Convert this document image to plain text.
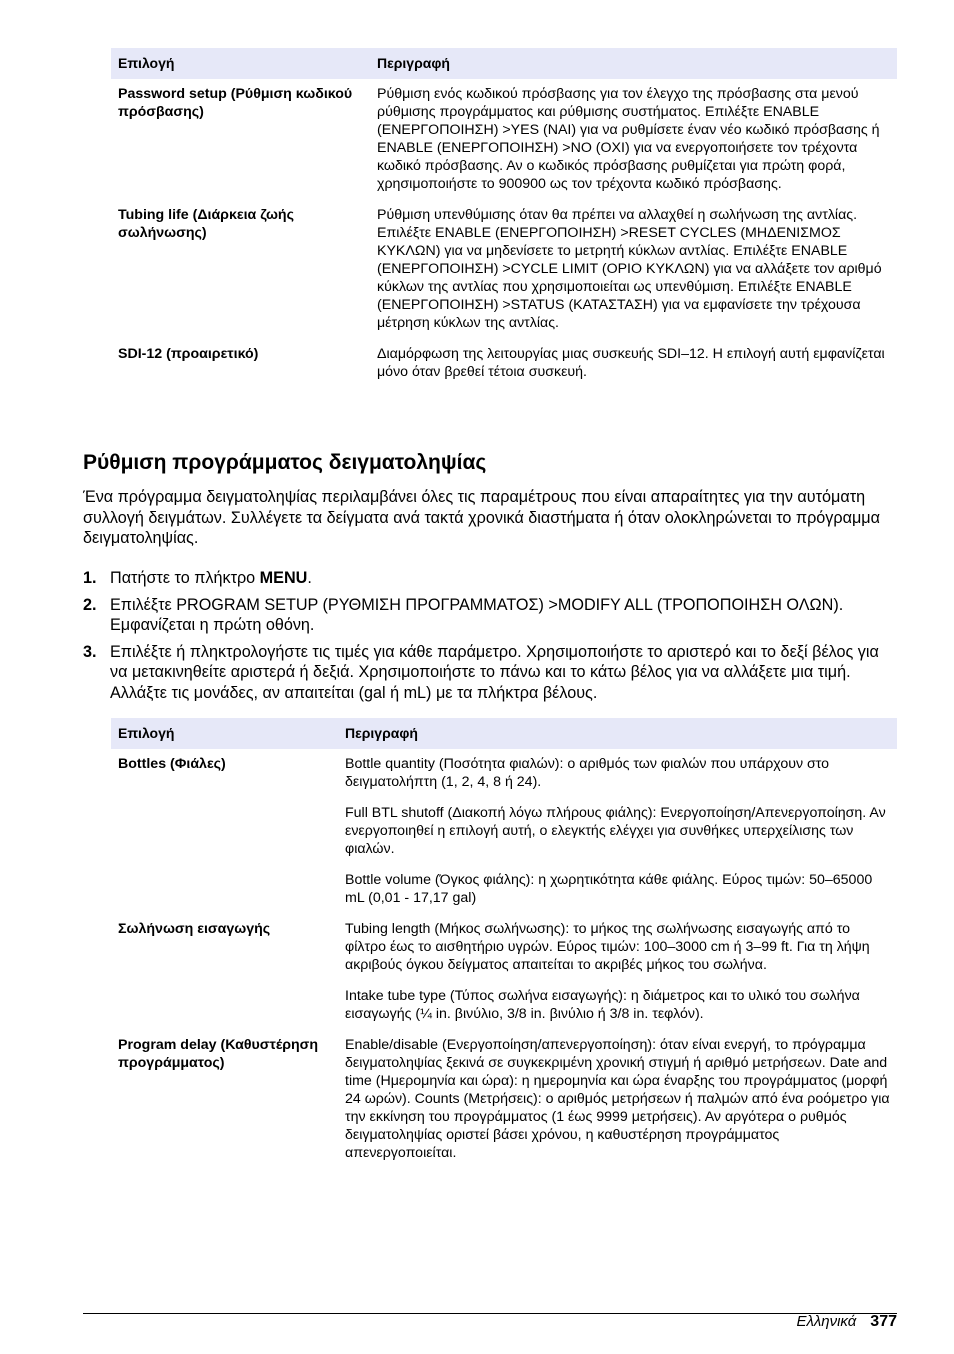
Επιλογή	Περιγραφή
Password setup (Ρύθμιση κωδικού πρόσβασης)	Ρύθμιση ενός κωδικού πρόσβασης για τον έλεγχο της πρόσβασης στα μενού ρύθμισης προγράμματος και ρύθμισης συστήματος. Επιλέξτε ENABLE (ΕΝΕΡΓΟΠΟΙΗΣΗ) >YES (ΝΑΙ) για να ρυθμίσετε έναν νέο κωδικό πρόσβασης ή ENABLE (ΕΝΕΡΓΟΠΟΙΗΣΗ) >NO (ΟΧΙ) για να ενεργοποιήσετε τον τρέχοντα κωδικό πρόσβασης. Αν ο κωδικός πρόσβασης ρυθμίζεται για πρώτη φορά, χρησιμοποιήστε το 900900 ως τον τρέχοντα κωδικό πρόσβασης.

Tubing life (Διάρκεια ζωής σωλήνωσης)	Ρύθμιση υπενθύμισης όταν θα πρέπει να αλλαχθεί η σωλήνωση της αντλίας. Επιλέξτε ENABLE (ΕΝΕΡΓΟΠΟΙΗΣΗ) >RESET CYCLES (ΜΗΔΕΝΙΣΜΟΣ ΚΥΚΛΩΝ) για να μηδενίσετε το μετρητή κύκλων αντλίας. Επιλέξτε ENABLE (ΕΝΕΡΓΟΠΟΙΗΣΗ) >CYCLE LIMIT (ΟΡΙΟ ΚΥΚΛΩΝ) για να αλλάξετε τον αριθμό κύκλων της αντλίας που χρησιμοποιείται ως υπενθύμιση. Επιλέξτε ENABLE (ΕΝΕΡΓΟΠΟΙΗΣΗ) >STATUS (ΚΑΤΑΣΤΑΣΗ) για να εμφανίσετε την τρέχουσα μέτρηση κύκλων της αντλίας.

SDI-12 (προαιρετικό)	Διαμόρφωση της λειτουργίας μιας συσκευής SDI–12. Η επιλογή αυτή εμφανίζεται μόνο όταν βρεθεί τέτοια συσκευή.

Ρύθμιση προγράμματος δειγματοληψίας

Ένα πρόγραμμα δειγματοληψίας περιλαμβάνει όλες τις παραμέτρους που είναι απαραίτητες για την αυτόματη συλλογή δειγμάτων. Συλλέγετε τα δείγματα ανά τακτά χρονικά διαστήματα ή όταν ολοκληρώνεται το πρόγραμμα δειγματοληψίας.

1. Πατήστε το πλήκτρο MENU.
2. Επιλέξτε PROGRAM SETUP (ΡΥΘΜΙΣΗ ΠΡΟΓΡΑΜΜΑΤΟΣ) >MODIFY ALL (ΤΡΟΠΟΠΟΙΗΣΗ ΟΛΩΝ). Εμφανίζεται η πρώτη οθόνη.
3. Επιλέξτε ή πληκτρολογήστε τις τιμές για κάθε παράμετρο. Χρησιμοποιήστε το αριστερό και το δεξί βέλος για να μετακινηθείτε αριστερά ή δεξιά. Χρησιμοποιήστε το πάνω και το κάτω βέλος για να αλλάξετε μια τιμή. Αλλάξτε τις μονάδες, αν απαιτείται (gal ή mL) με τα πλήκτρα βέλους.
Επιλογή	Περιγραφή
Bottles (Φιάλες)	Bottle quantity (Ποσότητα φιαλών): ο αριθμός των φιαλών που υπάρχουν στο δειγματολήπτη (1, 2, 4, 8 ή 24).

Full BTL shutoff (Διακοπή λόγω πλήρους φιάλης): Ενεργοποίηση/Απενεργοποίηση. Αν ενεργοποιηθεί η επιλογή αυτή, ο ελεγκτής ελέγχει για συνθήκες υπερχείλισης των φιαλών.

Bottle volume (Όγκος φιάλης): η χωρητικότητα κάθε φιάλης. Εύρος τιμών: 50–65000 mL (0,01 - 17,17 gal)

Σωλήνωση εισαγωγής	Tubing length (Μήκος σωλήνωσης): το μήκος της σωλήνωσης εισαγωγής από το φίλτρο έως το αισθητήριο υγρών. Εύρος τιμών: 100–3000 cm ή 3–99 ft. Για τη λήψη ακριβούς όγκου δείγματος απαιτείται το ακριβές μήκος του σωλήνα.

Intake tube type (Τύπος σωλήνα εισαγωγής): η διάμετρος και το υλικό του σωλήνα εισαγωγής (¼ in. βινύλιο, 3/8 in. βινύλιο ή 3/8 in. τεφλόν).

Program delay (Καθυστέρηση προγράμματος)	Enable/disable (Ενεργοποίηση/απενεργοποίηση): όταν είναι ενεργή, το πρόγραμμα δειγματοληψίας ξεκινά σε συγκεκριμένη χρονική στιγμή ή αριθμό μετρήσεων. Date and time (Ημερομηνία και ώρα): η ημερομηνία και ώρα έναρξης του προγράμματος (μορφή 24 ωρών). Counts (Μετρήσεις): ο αριθμός μετρήσεων ή παλμών από ένα ροόμετρο για την εκκίνηση του προγράμματος (1 έως 9999 μετρήσεις). Αν αργότερα ο ρυθμός δειγματοληψίας οριστεί βάσει χρόνου, η καθυστέρηση προγράμματος απενεργοποιείται.

Ελληνικά 377
